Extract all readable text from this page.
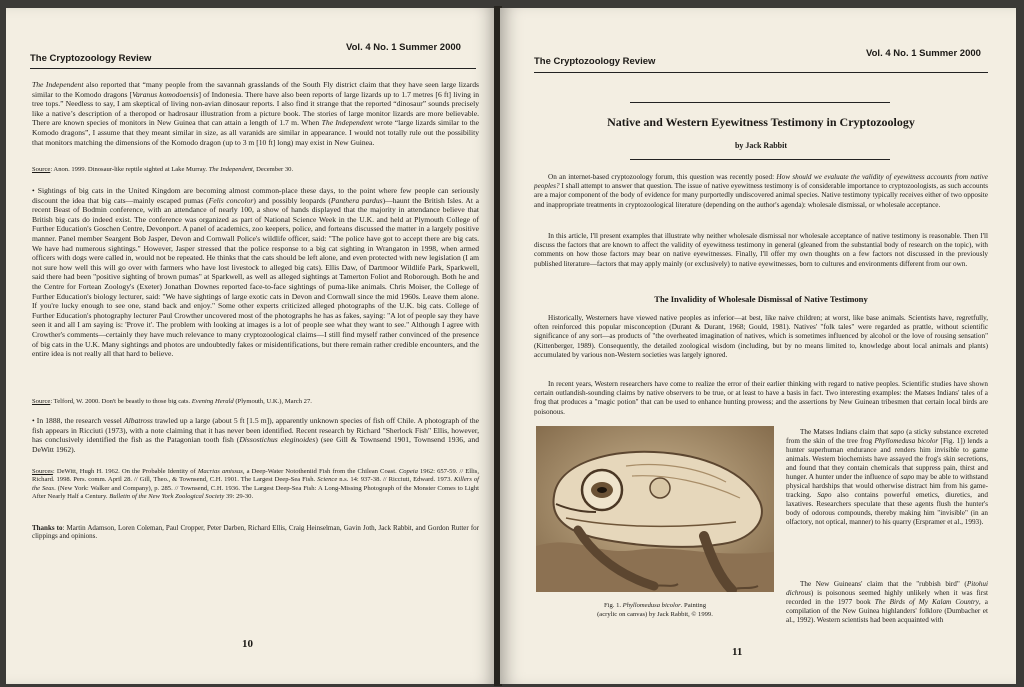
The Cryptozoology Review
Vol. 4 No. 1 Summer 2000

The Independent also reported that “many people from the savannah grasslands of the South Fly district claim that they have seen large lizards similar to the Komodo dragons [Varanus komodoensis] of Indonesia. There have also been reports of large lizards up to 1.7 metres [6 ft] living in tree tops.” Needless to say, I am skeptical of living non-avian dinosaur reports. I also find it strange that the reported “dinosaur” sounds precisely like a native’s description of a theropod or hadrosaur illustration from a picture book. The stories of large monitor lizards are more believable. There are known species of monitors in New Guinea that can attain a length of 1.7 m. When The Independent wrote “large lizards similar to the Komodo dragons”, I assume that they meant similar in size, as all varanids are similar in appearance. I would not totally rule out the possibility that monitors matching the dimensions of the Komodo dragon (up to 3 m [10 ft] long) may exist in New Guinea.

Source: Anon. 1999. Dinosaur-like reptile sighted at Lake Murray. The Independent, December 30.

• Sightings of big cats in the United Kingdom are becoming almost common-place these days, to the point where few people can seriously discount the idea that big cats—mainly escaped pumas (Felis concolor) and possibly leopards (Panthera pardus)—haunt the British Isles. At a recent Beast of Bodmin conference, with an attendance of nearly 100, a show of hands displayed that the majority in attendance believe that British big cats do indeed exist. The conference was organized as part of National Science Week in the U.K. and held at Plymouth College of Further Education's Goschen Centre, Devonport. A panel of academics, zoo keepers, police, and forteans discussed the matter in a largely positive manner. Panel member Seargent Bob Jasper, Devon and Cornwall Police's wildlife officer, said: "The police have got to accept there are big cats. We have had numerous sightings." However, Jasper stressed that the police response to a big cat sighting in Wrangaton in 1998, when armed officers with dogs were called in, would not be repeated. He thinks that the cats should be left alone, and even protected with new legislation (I am not sure how well this will go over with farmers who have lost livestock to alleged big cats). Ellis Daw, of Dartmoor Wildlife Park, Sparkwell, said there had been "positive sighting of brown pumas" at Sparkwell, as well as alleged sightings at Tamerton Foliot and Roborough. Both he and the Centre for Fortean Zoology's (Exeter) Jonathan Downes reported face-to-face sightings of puma-like animals. Chris Moiser, the College of Further Education's biology lecturer, said: "We have sightings of large exotic cats in Devon and Cornwall since the mid 1960s. Leave them alone. If you're lucky enough to see one, stand back and enjoy." Some other experts criticized alleged photographs of the U.K. big cats. College of Further Education's photography lecturer Paul Crowther uncovered most of the photographs he has as fakes, saying: "A lot of people say they have seen it and all I am saying is: 'Prove it'. The problem with looking at images is a lot of people see what they want to see." Although I agree with Crowther's comments—certainly they have much relevance to many cryptozoological claims—I still find myself rather convinced of the presence of big cats in the U.K. Many sightings and photos are undoubtedly fakes or misidentifications, but there remain rather credible encounters, and the entire idea is not really all that hard to believe.

Source: Telford, W. 2000. Don't be beastly to those big cats. Evening Herald (Plymouth, U.K.), March 27.

• In 1888, the research vessel Albatross trawled up a large (about 5 ft [1.5 m]), apparently unknown species of fish off Chile. A photograph of the fish appears in Ricciuti (1973), with a note claiming that it has never been identified. Recent research by Richard "Sherlock Fish" Ellis, however, has conclusively identified the fish as the Patagonian tooth fish (Dissostichus eleginoides) (see Gill & Townsend 1901, Townsend 1936, and DeWitt 1962).

Sources: DeWitt, Hugh H. 1962. On the Probable Identity of Macrias amissus, a Deep-Water Nototheniid Fish from the Chilean Coast. Copeia 1962: 657-59. // Ellis, Richard. 1998. Pers. comm. April 28. // Gill, Theo., & Townsend, C.H. 1901. The Largest Deep-Sea Fish. Science n.s. 14: 937-38. // Ricciuti, Edward. 1973. Killers of the Seas. (New York: Walker and Company), p. 285. // Townsend, C.H. 1936. The Largest Deep-Sea Fish: A Long-Missing Photograph of the Monster Comes to Light After Nearly Half a Century. Bulletin of the New York Zoological Society 39: 29-30.

Thanks to: Martin Adamson, Loren Coleman, Paul Cropper, Peter Darben, Richard Ellis, Craig Heinselman, Gavin Joth, Jack Rabbit, and Gordon Rutter for clippings and opinions.

10
The Cryptozoology Review
Vol. 4 No. 1 Summer 2000
Native and Western Eyewitness Testimony in Cryptozoology
by Jack Rabbit

On an internet-based cryptozoology forum, this question was recently posed: How should we evaluate the validity of eyewitness accounts from native peoples? I shall attempt to answer that question. The issue of native eyewitness testimony is of considerable importance to cryptozoologists, as such accounts are a major component of the body of evidence for many purportedly undiscovered animal species. Native testimony typically receives either of two opposite and inappropriate treatments in cryptozoological literature (depending on the author's agenda): wholesale dismissal, or wholesale acceptance.

In this article, I'll present examples that illustrate why neither wholesale dismissal nor wholesale acceptance of native testimony is reasonable. Then I'll discuss the factors that are known to affect the validity of eyewitness testimony in general (gleaned from the substantial body of research on the topic), with comments on how those factors may bear on native eyewitnesses. Finally, I'll offer my own thoughts on a few factors not discussed in the previously published literature—factors that may apply mainly (or exclusively) to native eyewitnesses, born to cultures and environments different from our own.

The Invalidity of Wholesale Dismissal of Native Testimony

Historically, Westerners have viewed native peoples as inferior—at best, like naive children; at worst, like base animals. Scientists have, regretfully, often reinforced this popular misconception (Durant & Durant, 1968; Gould, 1981). Natives' "folk tales" were regarded as prattle, without scientific significance of any sort—as products of "the overheated imagination of natives, which is sometimes influenced by alcohol or the love of rousing sensation" (Kittenberger, 1989). Consequently, the detailed zoological wisdom (including, but by no means limited to, knowledge about local animals and plants) accumulated by various non-Western societies was largely ignored.

In recent years, Western researchers have come to realize the error of their earlier thinking with regard to native peoples. Scientific studies have shown certain outlandish-sounding claims by native observers to be true, or at least to have a basis in fact. Two interesting examples: the Matses Indians' tales of a frog that produces a "magic potion" that can be used to enhance hunting prowess; and the assertions by New Guinean tribesmen that certain local birds are poisonous.

Fig. 1. Phyllomedusa bicolor. Painting
(acrylic on canvas) by Jack Rabbit, © 1999.

The Matses Indians claim that sapo (a sticky substance excreted from the skin of the tree frog Phyllomedusa bicolor [Fig. 1]) lends a hunter superhuman endurance and renders him invisible to game animals. Western biochemists have assayed the frog's skin secretions, and found that they contain chemicals that suppress pain, thirst and hunger. A hunter under the influence of sapo may be able to withstand physical hardships that would otherwise distract him from his game-tracking. Sapo also contains powerful emetics, diuretics, and laxatives. Researchers speculate that these agents flush the hunter's body of odorous compounds, thereby making him "invisible" (in an olfactory, not optical, manner) to his quarry (Erspramer et al., 1993).

The New Guineans' claim that the "rubbish bird" (Pitohui dichrous) is poisonous seemed highly unlikely when it was first recorded in the 1977 book The Birds of My Kalam Country, a compilation of the New Guinea highlanders' folklore (Dumbacher et al., 1992). Western scientists had been acquainted with

11
